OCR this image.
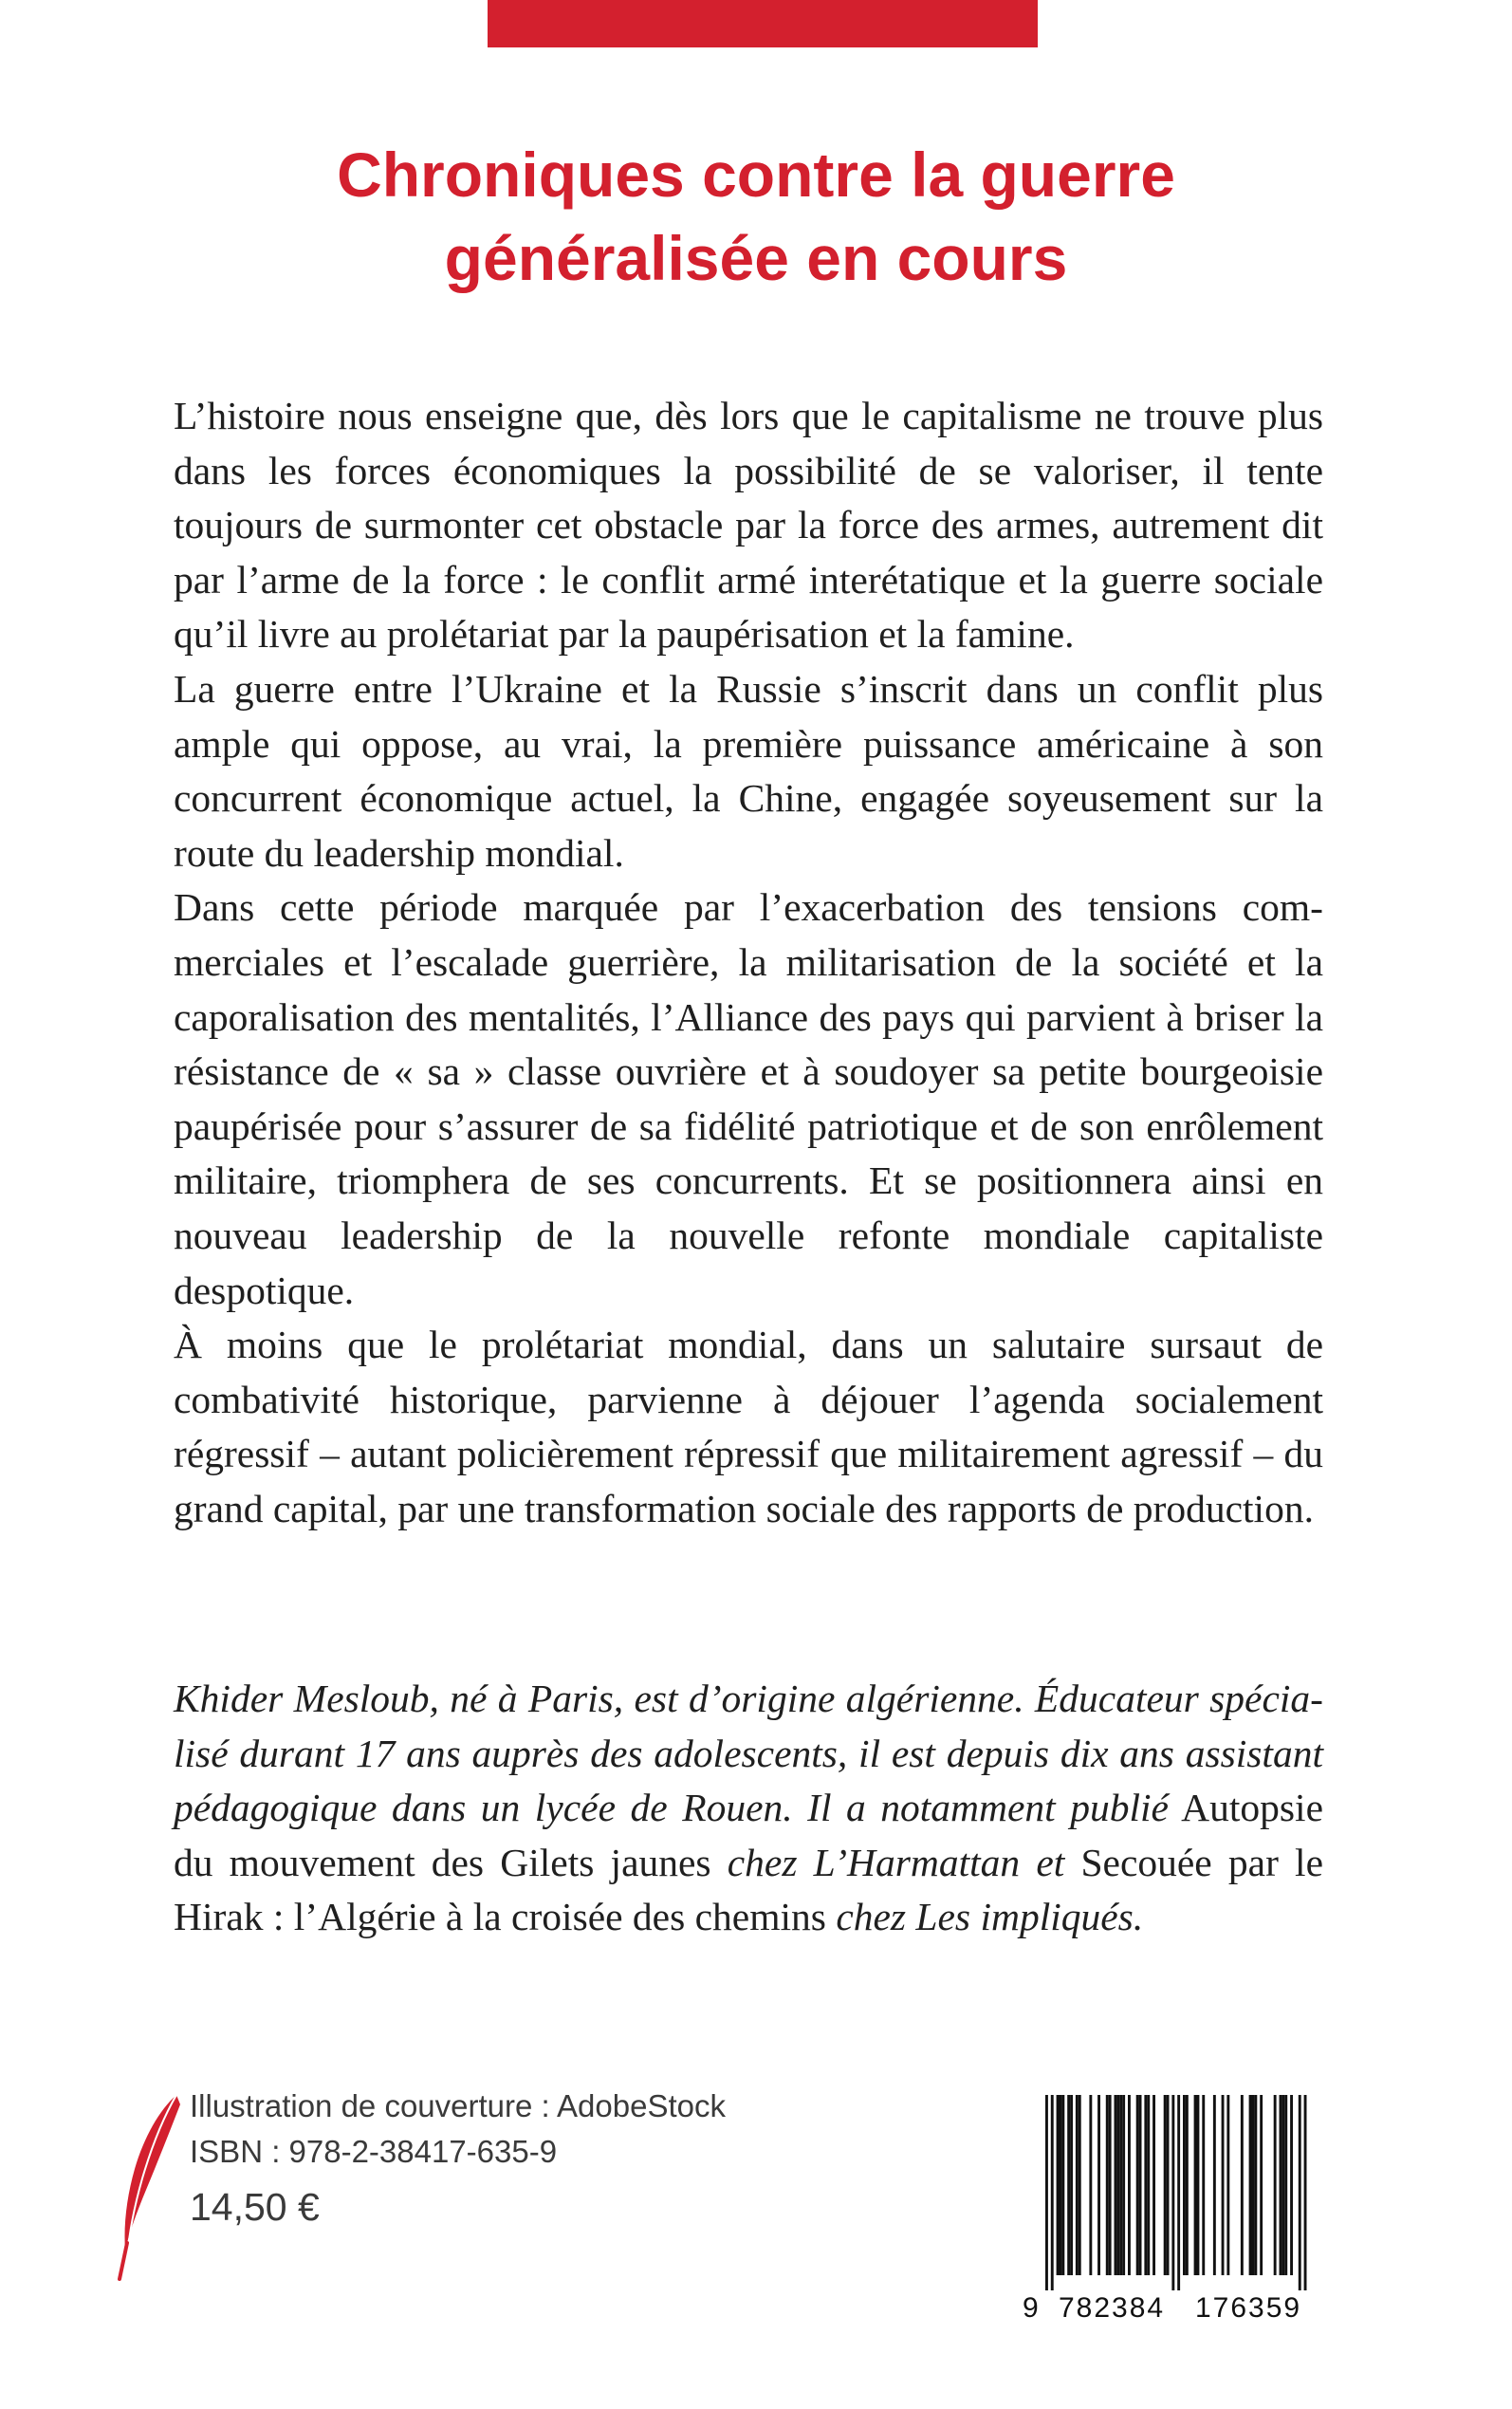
Chroniques contre la guerre
généralisée en cours

L’histoire nous enseigne que, dès lors que le capitalisme ne trouve plus dans les forces économiques la possibilité de se valoriser, il tente toujours de surmonter cet obstacle par la force des armes, autrement dit par l’arme de la force : le conflit armé interétatique et la guerre sociale qu’il livre au prolétariat par la paupérisation et la famine.

La guerre entre l’Ukraine et la Russie s’inscrit dans un conflit plus ample qui oppose, au vrai, la première puissance américaine à son concurrent économique actuel, la Chine, engagée soyeusement sur la route du leadership mondial.

Dans cette période marquée par l’exacerbation des tensions commerciales et l’escalade guerrière, la militarisation de la société et la caporalisation des mentalités, l’Alliance des pays qui parvient à briser la résistance de « sa » classe ouvrière et à soudoyer sa petite bourgeoisie paupérisée pour s’assurer de sa fidélité patriotique et de son enrôlement militaire, triomphera de ses concurrents. Et se positionnera ainsi en nouveau leadership de la nouvelle refonte mondiale capitaliste despotique.

À moins que le prolétariat mondial, dans un salutaire sursaut de combativité historique, parvienne à déjouer l’agenda socialement régressif – autant policièrement répressif que militairement agressif – du grand capital, par une transformation sociale des rapports de production.

Khider Mesloub, né à Paris, est d’origine algérienne. Éducateur spécialisé durant 17 ans auprès des adolescents, il est depuis dix ans assistant pédagogique dans un lycée de Rouen. Il a notamment publié Autopsie du mouvement des Gilets jaunes chez L’Harmattan et Secouée par le Hirak : l’Algérie à la croisée des chemins chez Les impliqués.
Illustration de couverture : AdobeStock
ISBN : 978-2-38417-635-9
14,50 €
9 782384 176359
